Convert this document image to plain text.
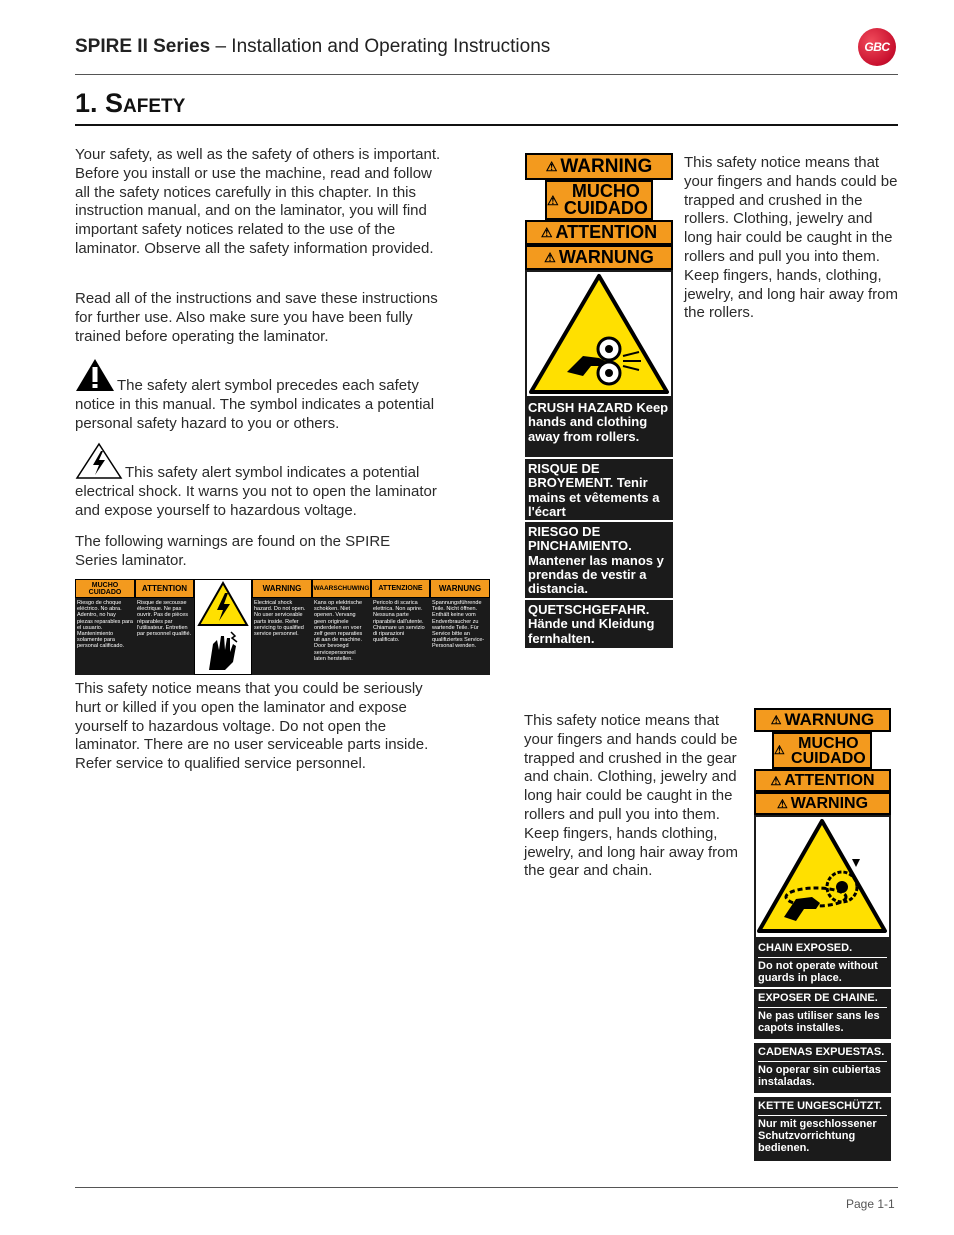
SPIRE II Series – Installation and Operating Instructions	GBC
1. Safety
Your safety, as well as the safety of others is important. Before you install or use the machine, read and follow all the safety notices carefully in this chapter. In this instruction manual, and on the laminator, you will find important safety notices related to the use of the laminator. Observe all the safety information provided.
Read all of the instructions and save these instructions for further use. Also make sure you have been fully trained before operating the laminator.
The safety alert symbol precedes each safety notice in this manual. The symbol indicates a potential personal safety hazard to you or others.
This safety alert symbol indicates a potential electrical shock. It warns you not to open the laminator and expose yourself to hazardous voltage.
The following warnings are found on the SPIRE Series laminator.
MUCHO CUIDADO
Riesgo de choque eléctrico. No abra. Adentro, no hay piezas reparables para el usuario. Mantenimiento solamente para personal calificado.
ATTENTION
Risque de secousse électrique. Ne pas ouvrir. Pas de pièces réparables par l'utilisateur. Entretien par personnel qualifié.
WARNING
Electrical shock hazard. Do not open. No user serviceable parts inside. Refer servicing to qualified service personnel.
WAARSCHUWING
Kans op elektrische schokken. Niet openen. Vervang geen originele onderdelen en voer zelf geen reparaties uit aan de machine. Door bevoegd servicepersoneel laten herstellen.
ATTENZIONE
Pericolo di scarica elettrica. Non aprire. Nessuna parte riparabile dall'utente. Chiamare un servizio di riparazioni qualificato.
WARNUNG
Spannungsführende Teile. Nicht öffnen. Enthält keine vom Endverbraucher zu wartende Teile. Für Service bitte an qualifiziertes Service-Personal wenden.
This safety notice means that you could be seriously hurt or killed if you open the laminator and expose yourself to hazardous voltage. Do not open the laminator. There are no user serviceable parts inside. Refer service to qualified service personnel.
⚠ WARNING
⚠ MUCHO CUIDADO
⚠ ATTENTION
⚠ WARNUNG
CRUSH HAZARD Keep hands and clothing away from rollers.
RISQUE DE BROYEMENT. Tenir mains et vêtements a l'écart
RIESGO DE PINCHAMIENTO. Mantener las manos y prendas de vestir a distancia.
QUETSCHGEFAHR. Hände und Kleidung fernhalten.
This safety notice means that your fingers and hands could be trapped and crushed in the rollers. Clothing, jewelry and long hair could be caught in the rollers and pull you into them. Keep fingers, hands, clothing, jewelry, and long hair away from the rollers.
This safety notice means that your fingers and hands could be trapped and crushed in the gear and chain. Clothing, jewelry and long hair could be caught in the rollers and pull you into them. Keep fingers, hands clothing, jewelry, and long hair away from the gear and chain.
⚠ WARNUNG
⚠ MUCHO CUIDADO
⚠ ATTENTION
⚠ WARNING
CHAIN EXPOSED.
Do not operate without guards in place.
EXPOSER DE CHAINE.
Ne pas utiliser sans les capots installes.
CADENAS EXPUESTAS.
No operar sin cubiertas instaladas.
KETTE UNGESCHÜTZT.
Nur mit geschlossener Schutzvorrichtung bedienen.
Page 1-1
